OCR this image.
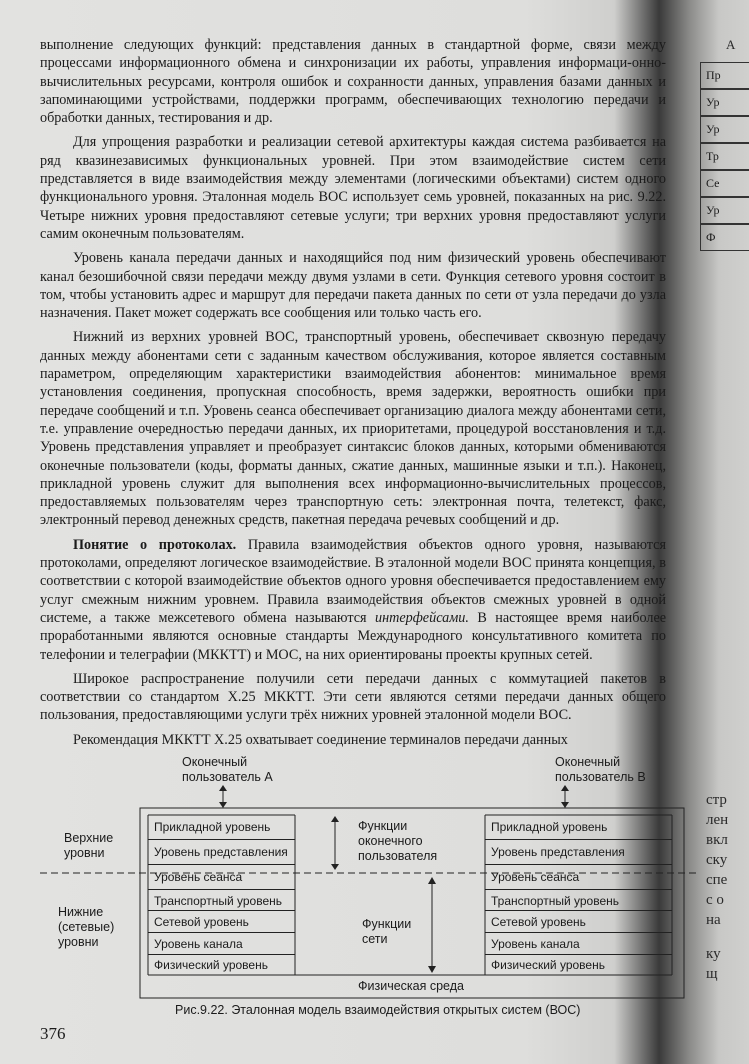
выполнение следующих функций: представления данных в стандартной форме, связи между процессами информационного обмена и синхронизации их работы, управления информаци-онно-вычислительных ресурсами, контроля ошибок и сохранности данных, управления базами данных и запоминающими устройствами, поддержки программ, обеспечивающих технологию передачи и обработки данных, тестирования и др.

Для упрощения разработки и реализации сетевой архитектуры каждая система разбивается на ряд квазинезависимых функциональных уровней. При этом взаимодействие систем сети представляется в виде взаимодействия между элементами (логическими объектами) систем одного функционального уровня. Эталонная модель ВОС использует семь уровней, показанных на рис. 9.22. Четыре нижних уровня предоставляют сетевые услуги; три верхних уровня предоставляют услуги самим оконечным пользователям.

Уровень канала передачи данных и находящийся под ним физический уровень обеспечивают канал безошибочной связи передачи между двумя узлами в сети. Функция сетевого уровня состоит в том, чтобы установить адрес и маршрут для передачи пакета данных по сети от узла передачи до узла назначения. Пакет может содержать все сообщения или только часть его.

Нижний из верхних уровней ВОС, транспортный уровень, обеспечивает сквозную передачу данных между абонентами сети с заданным качеством обслуживания, которое является составным параметром, определяющим характеристики взаимодействия абонентов: минимальное время установления соединения, пропускная способность, время задержки, вероятность ошибки при передаче сообщений и т.п. Уровень сеанса обеспечивает организацию диалога между абонентами сети, т.е. управление очередностью передачи данных, их приоритетами, процедурой восстановления и т.д. Уровень представления управляет и преобразует синтаксис блоков данных, которыми обмениваются оконечные пользователи (коды, форматы данных, сжатие данных, машинные языки и т.п.). Наконец, прикладной уровень служит для выполнения всех информационно-вычислительных процессов, предоставляемых пользователям через транспортную сеть: электронная почта, телетекст, факс, электронный перевод денежных средств, пакетная передача речевых сообщений и др.

Понятие о протоколах. Правила взаимодействия объектов одного уровня, называются протоколами, определяют логическое взаимодействие. В эталонной модели ВОС принята концепция, в соответствии с которой взаимодействие объектов одного уровня обеспечивается предоставлением ему услуг смежным нижним уровнем. Правила взаимодействия объектов смежных уровней в одной системе, а также межсетевого обмена называются интерфейсами. В настоящее время наиболее проработанными являются основные стандарты Международного консультативного комитета по телефонии и телеграфии (МККТТ) и МОС, на них ориентированы проекты крупных сетей.

Широкое распространение получили сети передачи данных с коммутацией пакетов в соответствии со стандартом X.25 МККТТ. Эти сети являются сетями передачи данных общего пользования, предоставляющими услуги трёх нижних уровней эталонной модели ВОС.

Рекомендация МККТТ X.25 охватывает соединение терминалов передачи данных

Оконечный
пользователь А
Оконечный
пользователь В
Прикладной уровень
Уровень представления
Уровень сеанса
Транспортный уровень
Сетевой уровень
Уровень канала
Физический уровень
Прикладной уровень
Уровень представления
Уровень сеанса
Транспортный уровень
Сетевой уровень
Уровень канала
Физический уровень
Верхние
уровни
Нижние
(сетевые)
уровни
Функции
оконечного
пользователя
Функции
сети
Физическая среда
Рис.9.22. Эталонная модель взаимодействия открытых систем (ВОС)
376
А
Пр
Ур
Ур
Тр
Се
Ур
Ф
стр
лен
вкл
ску
спе
с о
на
ку
щ
